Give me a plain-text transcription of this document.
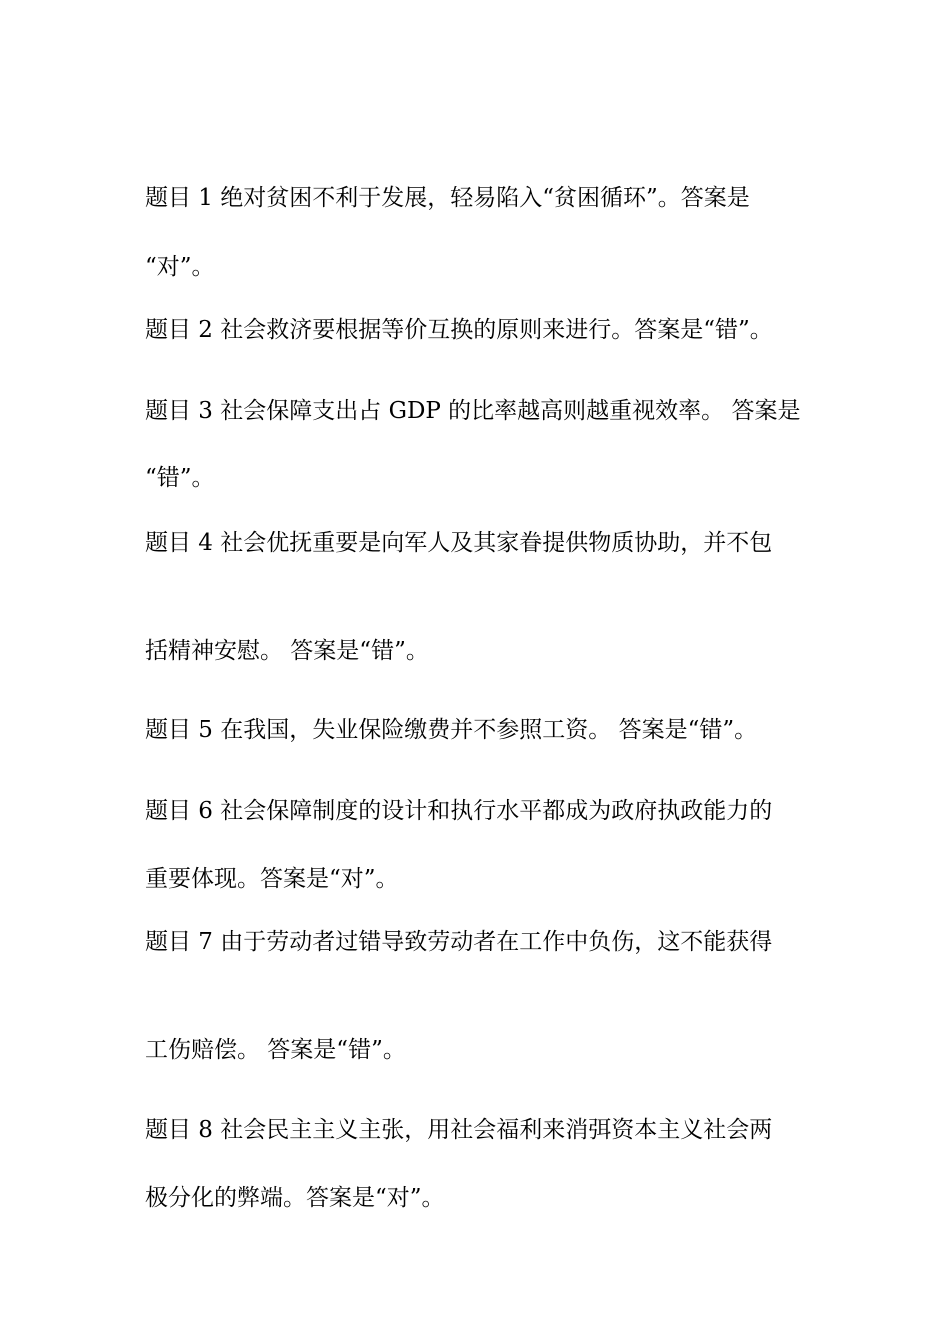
题目 1 绝对贫困不利于发展，轻易陷入“贫困循环”。答案是
“对”。
题目 2 社会救济要根据等价互换的原则来进行。答案是“错”。
题目 3 社会保障支出占 GDP 的比率越高则越重视效率。 答案是
“错”。
题目 4 社会优抚重要是向军人及其家眷提供物质协助，并不包
括精神安慰。 答案是“错”。
题目 5 在我国，失业保险缴费并不参照工资。 答案是“错”。
题目 6 社会保障制度的设计和执行水平都成为政府执政能力的
重要体现。答案是“对”。
题目 7 由于劳动者过错导致劳动者在工作中负伤，这不能获得
工伤赔偿。 答案是“错”。
题目 8 社会民主主义主张，用社会福利来消弭资本主义社会两
极分化的弊端。答案是“对”。
